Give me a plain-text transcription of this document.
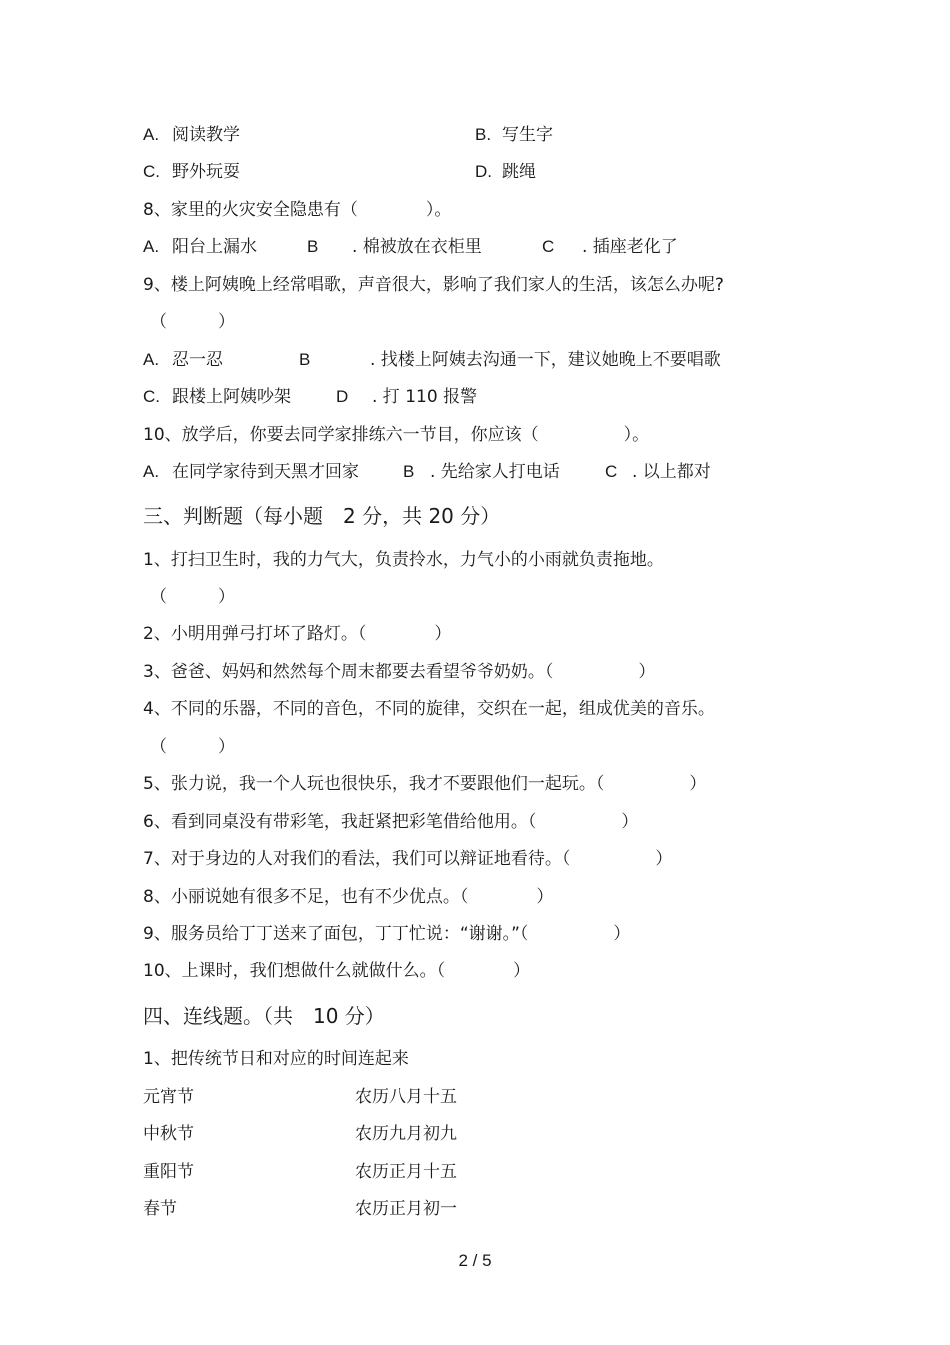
A. 阅读教学	B. 写生字
C. 野外玩耍	D. 跳绳
8、家里的火灾安全隐患有（　　　　）。
A. 阳台上漏水	B . 棉被放在衣柜里	C . 插座老化了
9、楼上阿姨晚上经常唱歌，声音很大，影响了我们家人的生活，该怎么办呢?
（　　　）
A. 忍一忍	B	. 找楼上阿姨去沟通一下，建议她晚上不要唱歌
C. 跟楼上阿姨吵架	D . 打 110 报警
10、放学后，你要去同学家排练六一节目，你应该（　　　　　）。
A. 在同学家待到天黑才回家	B . 先给家人打电话	C . 以上都对
三、判断题（每小题　2 分，共 20 分）
1、打扫卫生时，我的力气大，负责拎水，力气小的小雨就负责拖地。
（　　　）
2、小明用弹弓打坏了路灯。（　　　　）
3、爸爸、妈妈和然然每个周末都要去看望爷爷奶奶。（　　　　　）
4、不同的乐器，不同的音色，不同的旋律，交织在一起，组成优美的音乐。
（　　　）
5、张力说，我一个人玩也很快乐，我才不要跟他们一起玩。（　　　　　）
6、看到同桌没有带彩笔，我赶紧把彩笔借给他用。（　　　　　）
7、对于身边的人对我们的看法，我们可以辩证地看待。（　　　　　）
8、小丽说她有很多不足，也有不少优点。（　　　　）
9、服务员给丁丁送来了面包，丁丁忙说：“谢谢。”（　　　　　）
10、上课时，我们想做什么就做什么。（　　　　）
四、连线题。（共　10 分）
1、把传统节日和对应的时间连起来
元宵节	农历八月十五
中秋节	农历九月初九
重阳节	农历正月十五
春节	农历正月初一
2 / 5
